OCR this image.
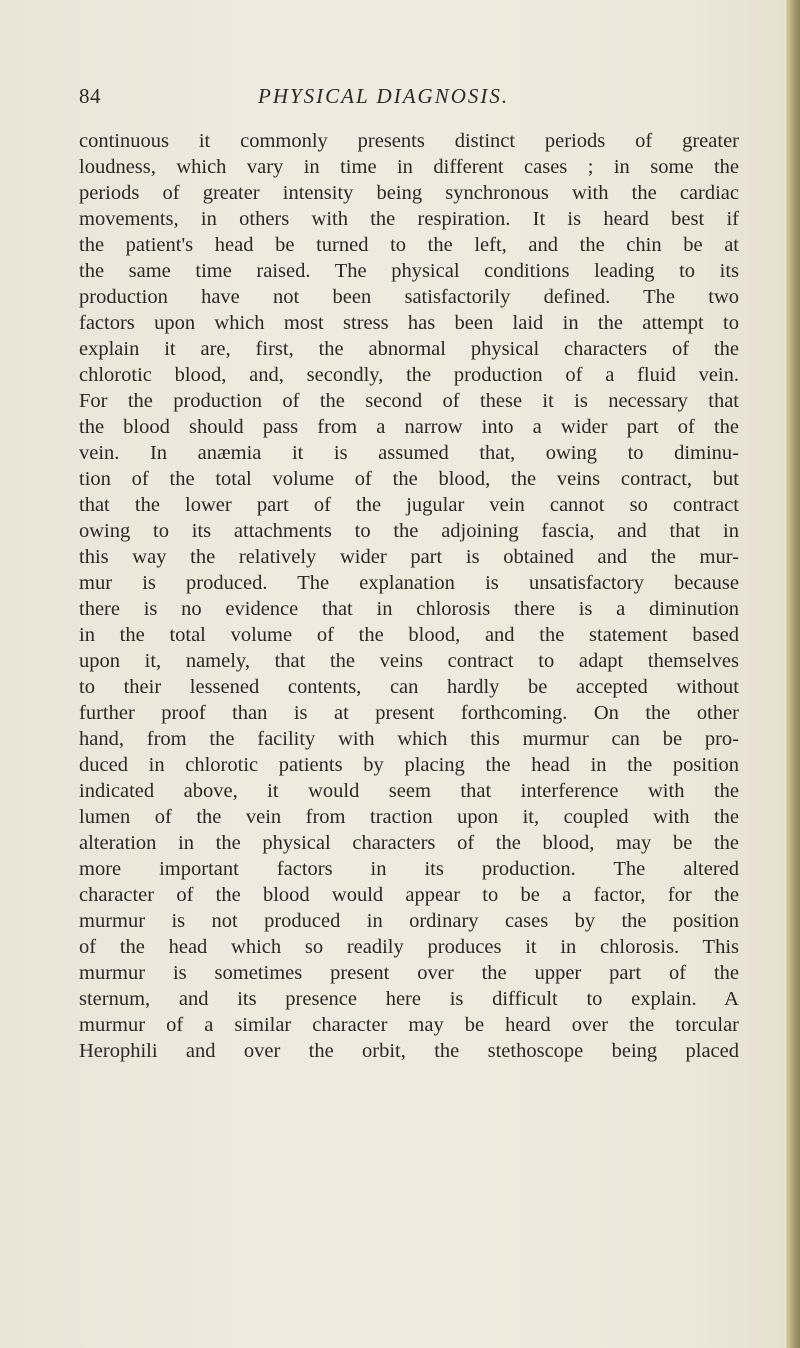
84	PHYSICAL DIAGNOSIS.
continuous it commonly presents distinct periods of greater
loudness, which vary in time in different cases ; in some the
periods of greater intensity being synchronous with the cardiac
movements, in others with the respiration. It is heard best if
the patient's head be turned to the left, and the chin be at
the same time raised. The physical conditions leading to its
production have not been satisfactorily defined. The two
factors upon which most stress has been laid in the attempt to
explain it are, first, the abnormal physical characters of the
chlorotic blood, and, secondly, the production of a fluid vein.
For the production of the second of these it is necessary that
the blood should pass from a narrow into a wider part of the
vein. In anæmia it is assumed that, owing to diminu-
tion of the total volume of the blood, the veins contract, but
that the lower part of the jugular vein cannot so contract
owing to its attachments to the adjoining fascia, and that in
this way the relatively wider part is obtained and the mur-
mur is produced. The explanation is unsatisfactory because
there is no evidence that in chlorosis there is a diminution
in the total volume of the blood, and the statement based
upon it, namely, that the veins contract to adapt themselves
to their lessened contents, can hardly be accepted without
further proof than is at present forthcoming. On the other
hand, from the facility with which this murmur can be pro-
duced in chlorotic patients by placing the head in the position
indicated above, it would seem that interference with the
lumen of the vein from traction upon it, coupled with the
alteration in the physical characters of the blood, may be the
more important factors in its production. The altered
character of the blood would appear to be a factor, for the
murmur is not produced in ordinary cases by the position
of the head which so readily produces it in chlorosis. This
murmur is sometimes present over the upper part of the
sternum, and its presence here is difficult to explain. A
murmur of a similar character may be heard over the torcular
Herophili and over the orbit, the stethoscope being placed
